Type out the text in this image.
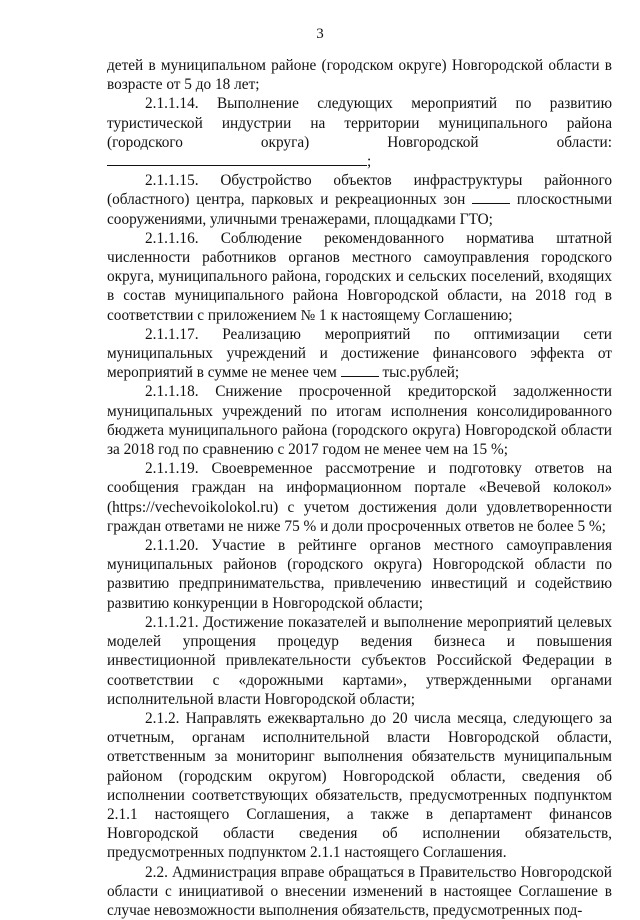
3

детей в муниципальном районе (городском округе) Новгородской области в возрасте от 5 до 18 лет;

2.1.1.14. Выполнение следующих мероприятий по развитию туристической индустрии на территории муниципального района (городского округа) Новгородской области:;

2.1.1.15. Обустройство объектов инфраструктуры районного (областного) центра, парковых и рекреационных зон	плоскостными сооружениями, уличными тренажерами, площадками ГТО;

2.1.1.16. Соблюдение рекомендованного норматива штатной численности работников органов местного самоуправления городского округа, муниципального района, городских и сельских поселений, входящих в состав муниципального района Новгородской области, на 2018 год в соответствии с приложением № 1 к настоящему Соглашению;

2.1.1.17. Реализацию мероприятий по оптимизации сети муниципальных учреждений и достижение финансового эффекта от мероприятий в сумме не менее чем	тыс.рублей;

2.1.1.18. Снижение просроченной кредиторской задолженности муниципальных учреждений по итогам исполнения консолидированного бюджета муниципального района (городского округа) Новгородской области за 2018 год по сравнению с 2017 годом не менее чем на 15 %;

2.1.1.19. Своевременное рассмотрение и подготовку ответов на сообщения граждан на информационном портале «Вечевой колокол» (https://vechevoikolokol.ru) с учетом достижения доли удовлетворенности граждан ответами не ниже 75 % и доли просроченных ответов не более 5 %;

2.1.1.20. Участие в рейтинге органов местного самоуправления муниципальных районов (городского округа) Новгородской области по развитию предпринимательства, привлечению инвестиций и содействию развитию конкуренции в Новгородской области;

2.1.1.21. Достижение показателей и выполнение мероприятий целевых моделей упрощения процедур ведения бизнеса и повышения инвестиционной привлекательности субъектов Российской Федерации в соответствии с «дорожными картами», утвержденными органами исполнительной власти Новгородской области;

2.1.2. Направлять ежеквартально до 20 числа месяца, следующего за отчетным, органам исполнительной власти Новгородской области, ответственным за мониторинг выполнения обязательств муниципальным районом (городским округом) Новгородской области, сведения об исполнении соответствующих обязательств, предусмотренных подпунктом 2.1.1 настоящего Соглашения, а также в департамент финансов Новгородской области сведения об исполнении обязательств, предусмотренных подпунктом 2.1.1 настоящего Соглашения.

2.2. Администрация вправе обращаться в Правительство Новгородской области с инициативой о внесении изменений в настоящее Соглашение в случае невозможности выполнения обязательств, предусмотренных под-
